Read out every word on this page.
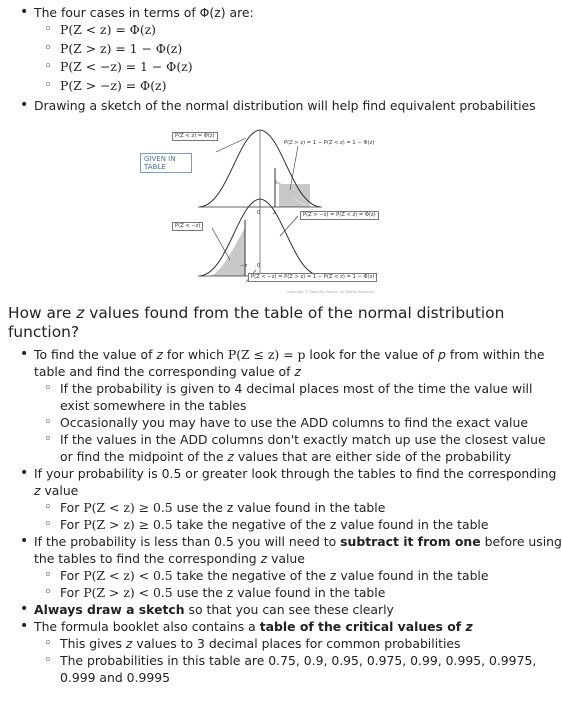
• The four cases in terms of Φ(z) are:
◦ P(Z < z) = Φ(z)
◦ P(Z > z) = 1 − Φ(z)
◦ P(Z < −z) = 1 − Φ(z)
◦ P(Z > −z) = Φ(z)
• Drawing a sketch of the normal distribution will help find equivalent probabilities
P(Z < z) = Φ(z)
GIVEN IN TABLE
P(Z > z) = 1 − P(Z < z) = 1 − Φ(z)
0 z	P(Z > −z) = P(Z < z) = Φ(z)
P(Z < −z)
−z 0
P(Z < −z) = P(Z > z) = 1 − P(Z < z) = 1 − Φ(z)
Copyright © Save My Exams. All Rights Reserved
How are z values found from the table of the normal distribution function?
• To find the value of z for which P(Z ≤ z) = p look for the value of p from within the table and find the corresponding value of z
◦ If the probability is given to 4 decimal places most of the time the value will exist somewhere in the tables
◦ Occasionally you may have to use the ADD columns to find the exact value
◦ If the values in the ADD columns don't exactly match up use the closest value or find the midpoint of the z values that are either side of the probability
• If your probability is 0.5 or greater look through the tables to find the corresponding z value
◦ For P(Z < z) ≥ 0.5 use the z value found in the table
◦ For P(Z > z) ≥ 0.5 take the negative of the z value found in the table
• If the probability is less than 0.5 you will need to subtract it from one before using the tables to find the corresponding z value
◦ For P(Z < z) < 0.5 take the negative of the z value found in the table
◦ For P(Z > z) < 0.5 use the z value found in the table
• Always draw a sketch so that you can see these clearly
• The formula booklet also contains a table of the critical values of z
◦ This gives z values to 3 decimal places for common probabilities
◦ The probabilities in this table are 0.75, 0.9, 0.95, 0.975, 0.99, 0.995, 0.9975, 0.999 and 0.9995
